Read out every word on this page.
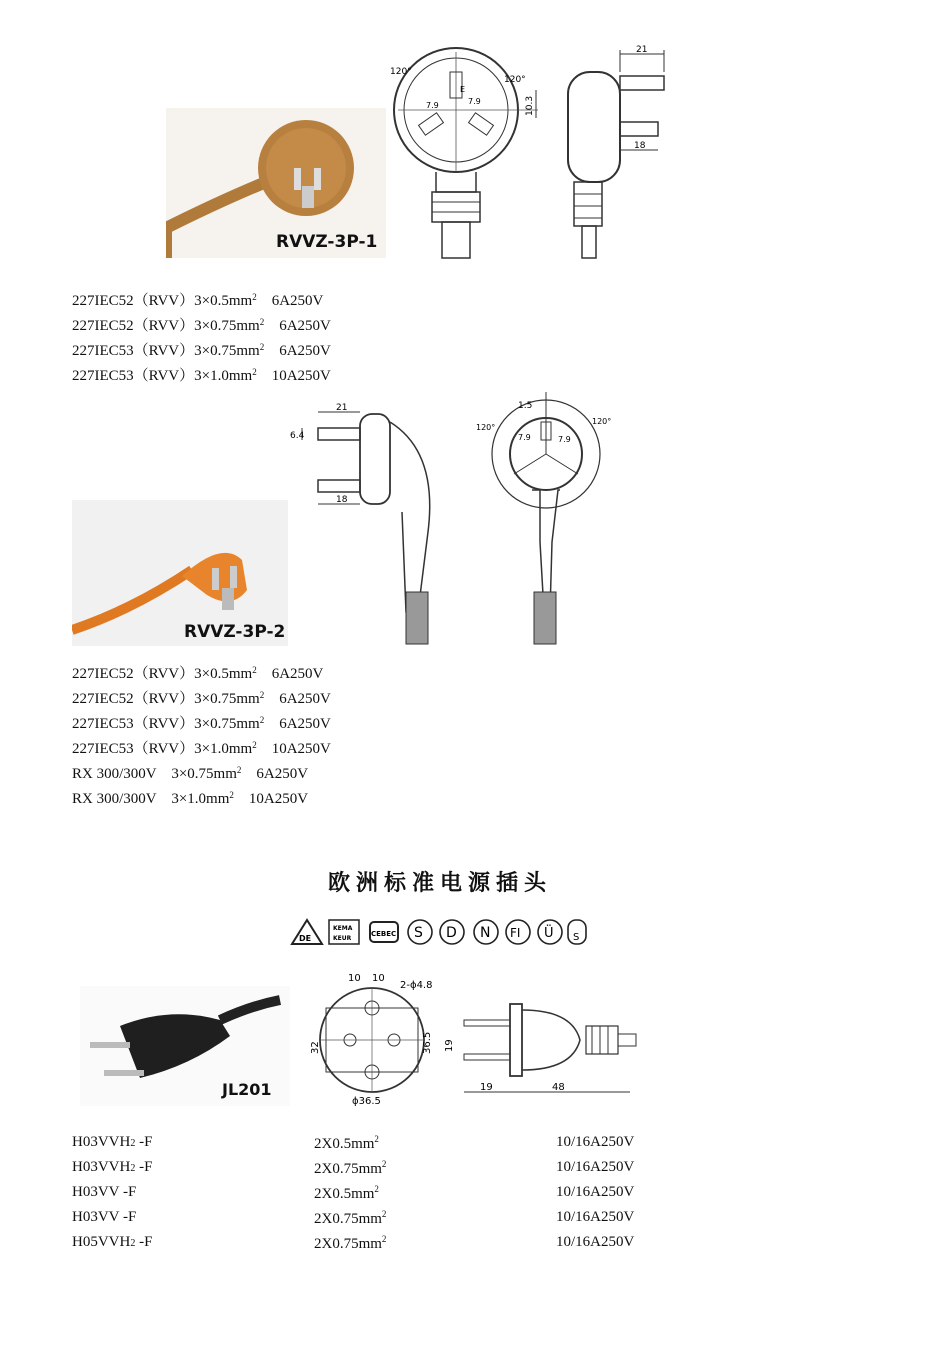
RVVZ-3P-1
120°
120°
10.3
E
7.9	7.9
21
18
$227IEC52(RVV)3\times 0.5mm^2$    6A250V
$227IEC52(RVV)3\times 0.75mm^2$    6A250V
$227IEC53(RVV)3\times 0.75mm^2$    6A250V
$227IEC53(RVV)3\times 1.0mm^2$    10A250V
RVVZ-3P-2
21
6.4
18
1.5
120°
120°
7.9	7.9
$227IEC52(RVV)3\times 0.5mm^2$    6A250V
$227IEC52(RVV)3\times 0.75mm^2$    6A250V
$227IEC53(RVV)3\times 0.75mm^2$    6A250V
$227IEC53(RVV)3\times 1.0mm^2$    10A250V
RX 300/300V    $3\times 0.75mm^2$    6A250V
RX 300/300V    $3\times 1.0mm^2$    10A250V
欧洲标准电源插头
DE
KEMA
KEUR
CEBEC S D N FI Ü S
JL201
10 10
2-ϕ4.8
32	36.5
ϕ36.5
19
19	48
H03VVH2 -F	$2X0.5mm^2$	10/16A250V
H03VVH2 -F	$2X0.75mm^2$	10/16A250V
H03VV -F	$2X0.5mm^2$	10/16A250V
H03VV -F	$2X0.75mm^2$	10/16A250V
H05VVH2 -F	$2X0.75mm^2$	10/16A250V
